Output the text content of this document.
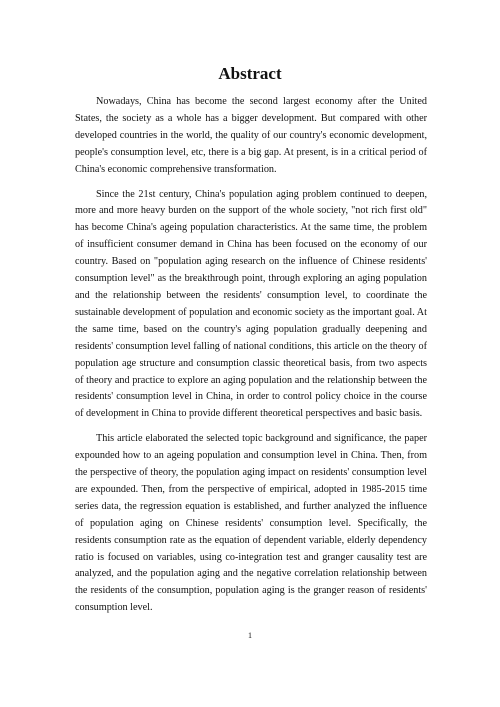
Abstract

Nowadays, China has become the second largest economy after the United States, the society as a whole has a bigger development. But compared with other developed countries in the world, the quality of our country's economic development, people's consumption level, etc, there is a big gap. At present, is in a critical period of China's economic comprehensive transformation.

Since the 21st century, China's population aging problem continued to deepen, more and more heavy burden on the support of the whole society, "not rich first old" has become China's ageing population characteristics. At the same time, the problem of insufficient consumer demand in China has been focused on the economy of our country. Based on "population aging research on the influence of Chinese residents' consumption level" as the breakthrough point, through exploring an aging population and the relationship between the residents' consumption level, to coordinate the sustainable development of population and economic society as the important goal. At the same time, based on the country's aging population gradually deepening and residents' consumption level falling of national conditions, this article on the theory of population age structure and consumption classic theoretical basis, from two aspects of theory and practice to explore an aging population and the relationship between the residents' consumption level in China, in order to control policy choice in the course of development in China to provide different theoretical perspectives and basic basis.

This article elaborated the selected topic background and significance, the paper expounded how to an ageing population and consumption level in China. Then, from the perspective of theory, the population aging impact on residents' consumption level are expounded. Then, from the perspective of empirical, adopted in 1985-2015 time series data, the regression equation is established, and further analyzed the influence of population aging on Chinese residents' consumption level. Specifically, the residents consumption rate as the equation of dependent variable, elderly dependency ratio is focused on variables, using co-integration test and granger causality test are analyzed, and the population aging and the negative correlation relationship between the residents of the consumption, population aging is the granger reason of residents' consumption level.

1
